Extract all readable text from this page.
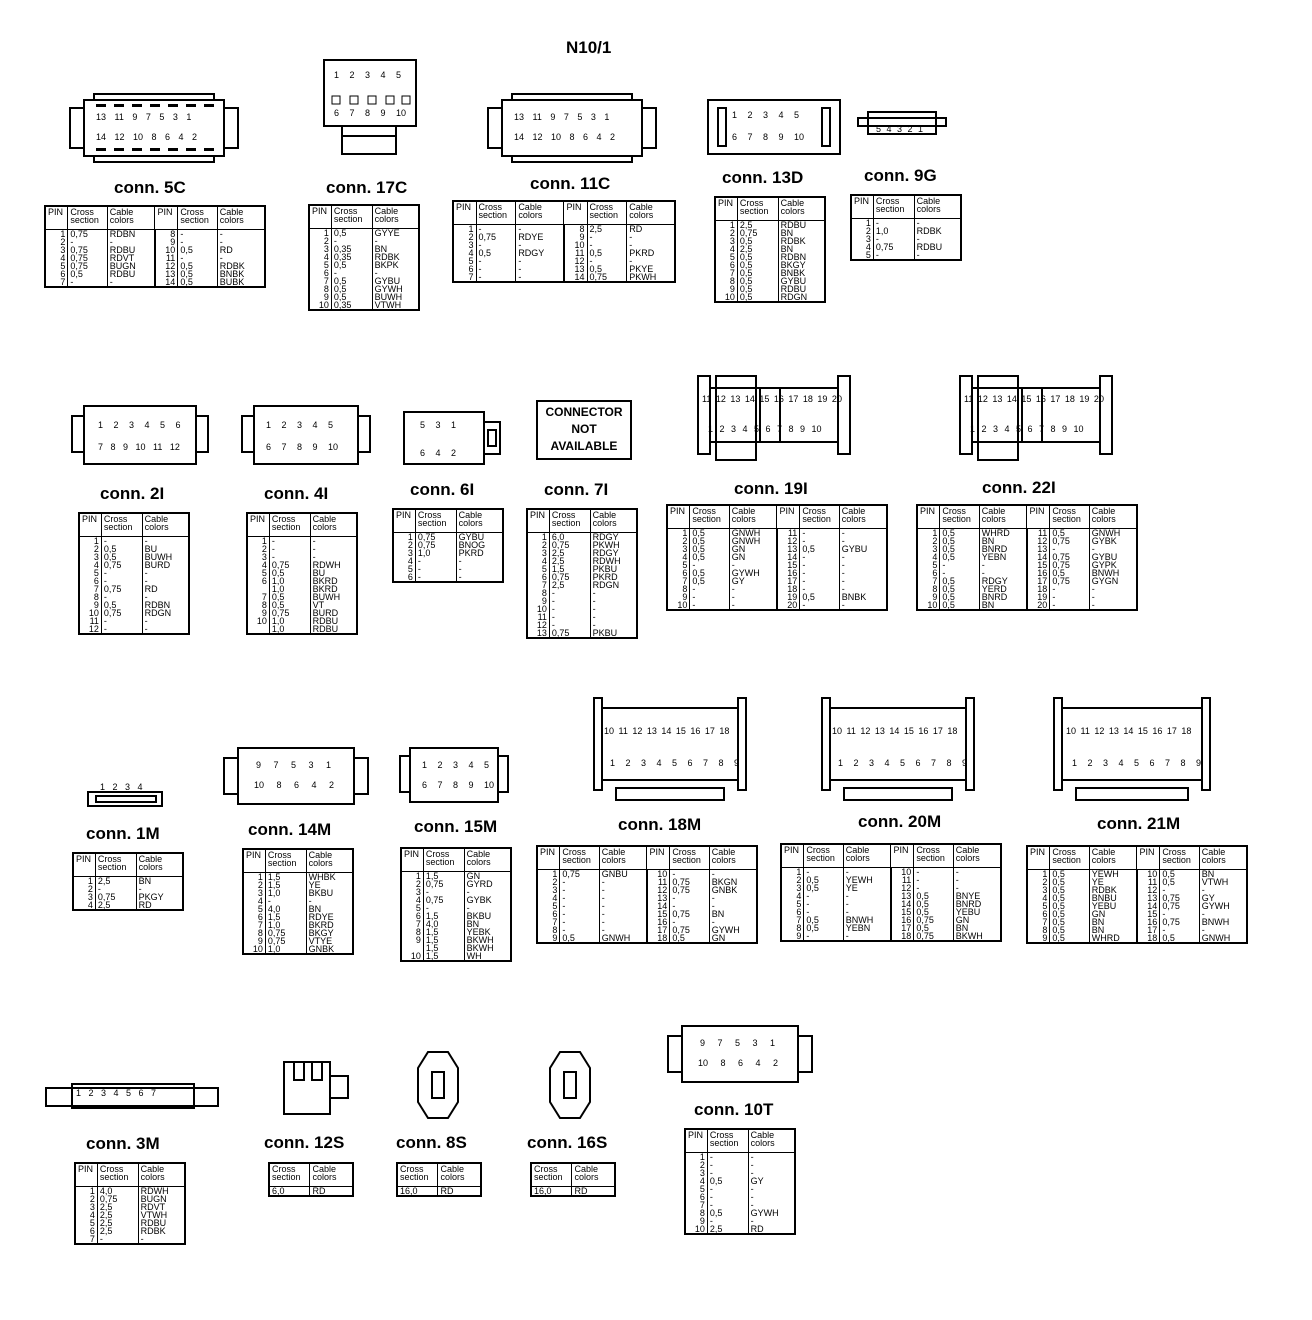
N10/1
13 11 9 7 5 3 1
14 12 10 8 6 4 2
1 2 3 4 5
6 7 8 9 10	13 11 9 7 5 3 1
14 12 10 8 6 4 2
1 2 3 4 5
6 7 8 9 10
5 4 3 2 1
1 2 3 4 5 6
7 8 9 10 11 12
1 2 3 4 5
6 7 8 9 10
5 3 1
6 4 2
CONNECTOR
NOT
AVAILABLE
11 12 13 14 15 16 17 18 19 20
1 2 3 4 5 6 7 8 9 10
11 12 13 14 15 16 17 18 19 20
1 2 3 4 5 6 7 8 9 10
1 2 3 4
9 7 5 3 1
10 8 6 4 2
1 2 3 4 5
6 7 8 9 10
10 11 12 13 14 15 16 17 18
1 2 3 4 5 6 7 8 9
10 11 12 13 14 15 16 17 18
1 2 3 4 5 6 7 8 9
10 11 12 13 14 15 16 17 18
1 2 3 4 5 6 7 8 9
1 2 3 4 5 6 7
9 7 5 3 1
10 8 6 4 2
conn. 5C	conn. 17C	conn. 11C	conn. 13D	conn. 9G
conn. 2I	conn. 4I	conn. 6I	conn. 7I	conn. 19I	conn. 22I
conn. 1M	conn. 14M	conn. 15M	conn. 18M	conn. 20M	conn. 21M
conn. 3M	conn. 12S	conn. 8S	conn. 16S
conn. 10T
PIN	Cross section	Cable colors	PIN	Cross section	Cable colors
1	0,75	RDBN	8	-	-
2	-	-	9	-	-
3	0,75	RDBU	10	0,5	RD
4	0,75	RDVT	11	-	-
5	0,75	BUGN	12	0,5	RDBK
6	0,5	RDBU	13	0,5	BNBK
7	-	-	14	0,5	BUBK
PIN	Cross section	Cable colors
1	0,5	GYYE
2	-	-
3	0,35	BN
4	0,35	RDBK
5	0,5	BKPK
6	-	-
7	0,5	GYBU
8	0,5	GYWH
9	0,5	BUWH
10	0,35	VTWH
PIN	Cross section	Cable colors	PIN	Cross section	Cable colors
1	-	-	8	2,5	RD
2	0,75	RDYE	9	-	-
3	-	-	10	-	-
4	0,5	RDGY	11	0,5	PKRD
5	-	-	12	-	-
6	-	-	13	0,5	PKYE
7	-	-	14	0,75	PKWH
PIN	Cross section	Cable colors
1	2,5	RDBU
2	0,75	BN
3	0,5	RDBK
4	2,5	BN
5	0,5	RDBN
6	0,5	BKGY
7	0,5	BNBK
8	0,5	GYBU
9	0,5	RDBU
10	0,5	RDGN
PIN	Cross section	Cable colors
1	-	-
2	1,0	RDBK
3	-	-
4	0,75	RDBU
5	-	-
PIN	Cross section	Cable colors
1	-	-
2	0,5	BU
3	0,5	BUWH
4	0,75	BURD
5	-	-
6	-	-
7	0,75	RD
8	-	-
9	0,5	RDBN
10	0,75	RDGN
11	-	-
12	-	-
PIN	Cross section	Cable colors
1	-	-
2	-	-
3	-	-
4	0,75	RDWH
5	0,5	BU
6	1,0	BKRD
	1,0	BKRD
7	0,5	BUWH
8	0,5	VT
9	0,75	BURD
10	1,0	RDBU
	1,0	RDBU
PIN	Cross section	Cable colors
1	0,75	GYBU
2	0,75	BNOG
3	1,0	PKRD
4	-	-
5	-	-
6	-	-
PIN	Cross section	Cable colors
1	6,0	RDGY
2	0,75	PKWH
3	2,5	RDGY
4	2,5	RDWH
5	1,5	PKBU
6	0,75	PKRD
7	2,5	RDGN
8	-	-
9	-	-
10	-	-
11	-	-
12	-	-
13	0,75	PKBU
PIN	Cross section	Cable colors	PIN	Cross section	Cable colors
1	0,5	GNWH	11	-	-
2	0,5	GNWH	12	-	-
3	0,5	GN	13	0,5	GYBU
4	0,5	GN	14	-	-
5	-	-	15	-	-
6	0,5	GYWH	16	-	-
7	0,5	GY	17	-	-
8	-	-	18	-	-
9	-	-	19	0,5	BNBK
10	-	-	20	-	-
PIN	Cross section	Cable colors	PIN	Cross section	Cable colors
1	0,5	WHRD	11	0,5	GNWH
2	0,5	BN	12	0,75	GYBK
3	0,5	BNRD	13	-	-
4	0,5	YEBN	14	0,75	GYBU
5	-	-	15	0,75	GYPK
6	-	-	16	0,5	BNWH
7	0,5	RDGY	17	0,75	GYGN
8	0,5	YERD	18	-	-
9	0,5	BNRD	19	-	-
10	0,5	BN	20	-	-
PIN	Cross section	Cable colors
1	2,5	BN
2	-	-
3	0,75	PKGY
4	2,5	RD
PIN	Cross section	Cable colors
1	1,5	WHBK
2	1,5	YE
3	1,0	BKBU
4	-	-
5	4,0	BN
6	1,5	RDYE
7	1,0	BKRD
8	0,75	BKGY
9	0,75	VTYE
10	1,0	GNBK
PIN	Cross section	Cable colors
1	1,5	GN
2	0,75	GYRD
3	-	-
4	0,75	GYBK
5	-	-
6	1,5	BKBU
7	4,0	BN
8	1,5	YEBK
9	1,5	BKWH
	1,5	BKWH
10	1,5	WH
PIN	Cross section	Cable colors	PIN	Cross section	Cable colors
1	0,75	GNBU	10	-	-
2	-	-	11	0,75	BKGN
3	-	-	12	0,75	GNBK
4	-	-	13	-	-
5	-	-	14	-	-
6	-	-	15	0,75	BN
7	-	-	16	-	-
8	-	-	17	0,75	GYWH
9	0,5	GNWH	18	0,5	GN
PIN	Cross section	Cable colors	PIN	Cross section	Cable colors
1	-	-	10	-	-
2	0,5	YEWH	11	-	-
3	0,5	YE	12	-	-
4	-	-	13	0,5	BNYE
5	-	-	14	0,5	BNRD
6	-	-	15	0,5	YEBU
7	0,5	BNWH	16	0,75	GN
8	0,5	YEBN	17	0,5	BN
9	-	-	18	0,75	BKWH
PIN	Cross section	Cable colors	PIN	Cross section	Cable colors
1	0,5	YEWH	10	0,5	BN
2	0,5	YE	11	0,5	VTWH
3	0,5	RDBK	12	-	-
4	0,5	BNBU	13	0,75	GY
5	0,5	YEBU	14	0,75	GYWH
6	0,5	GN	15	-	-
7	0,5	BN	16	0,75	BNWH
8	0,5	BN	17	-	-
9	0,5	WHRD	18	0,5	GNWH
PIN	Cross section	Cable colors
1	4,0	RDWH
2	0,75	BUGN
3	2,5	RDVT
4	2,5	VTWH
5	2,5	RDBU
6	2,5	RDBK
7	-	-
Cross section	Cable colors
6,0	RD
Cross section	Cable colors
16,0	RD
Cross section	Cable colors
16,0	RD
PIN	Cross section	Cable colors
1	-	-
2	-	-
3	-	-
4	0,5	GY
5	-	-
6	-	-
7	-	-
8	0,5	GYWH
9	-	-
10	2,5	RD
